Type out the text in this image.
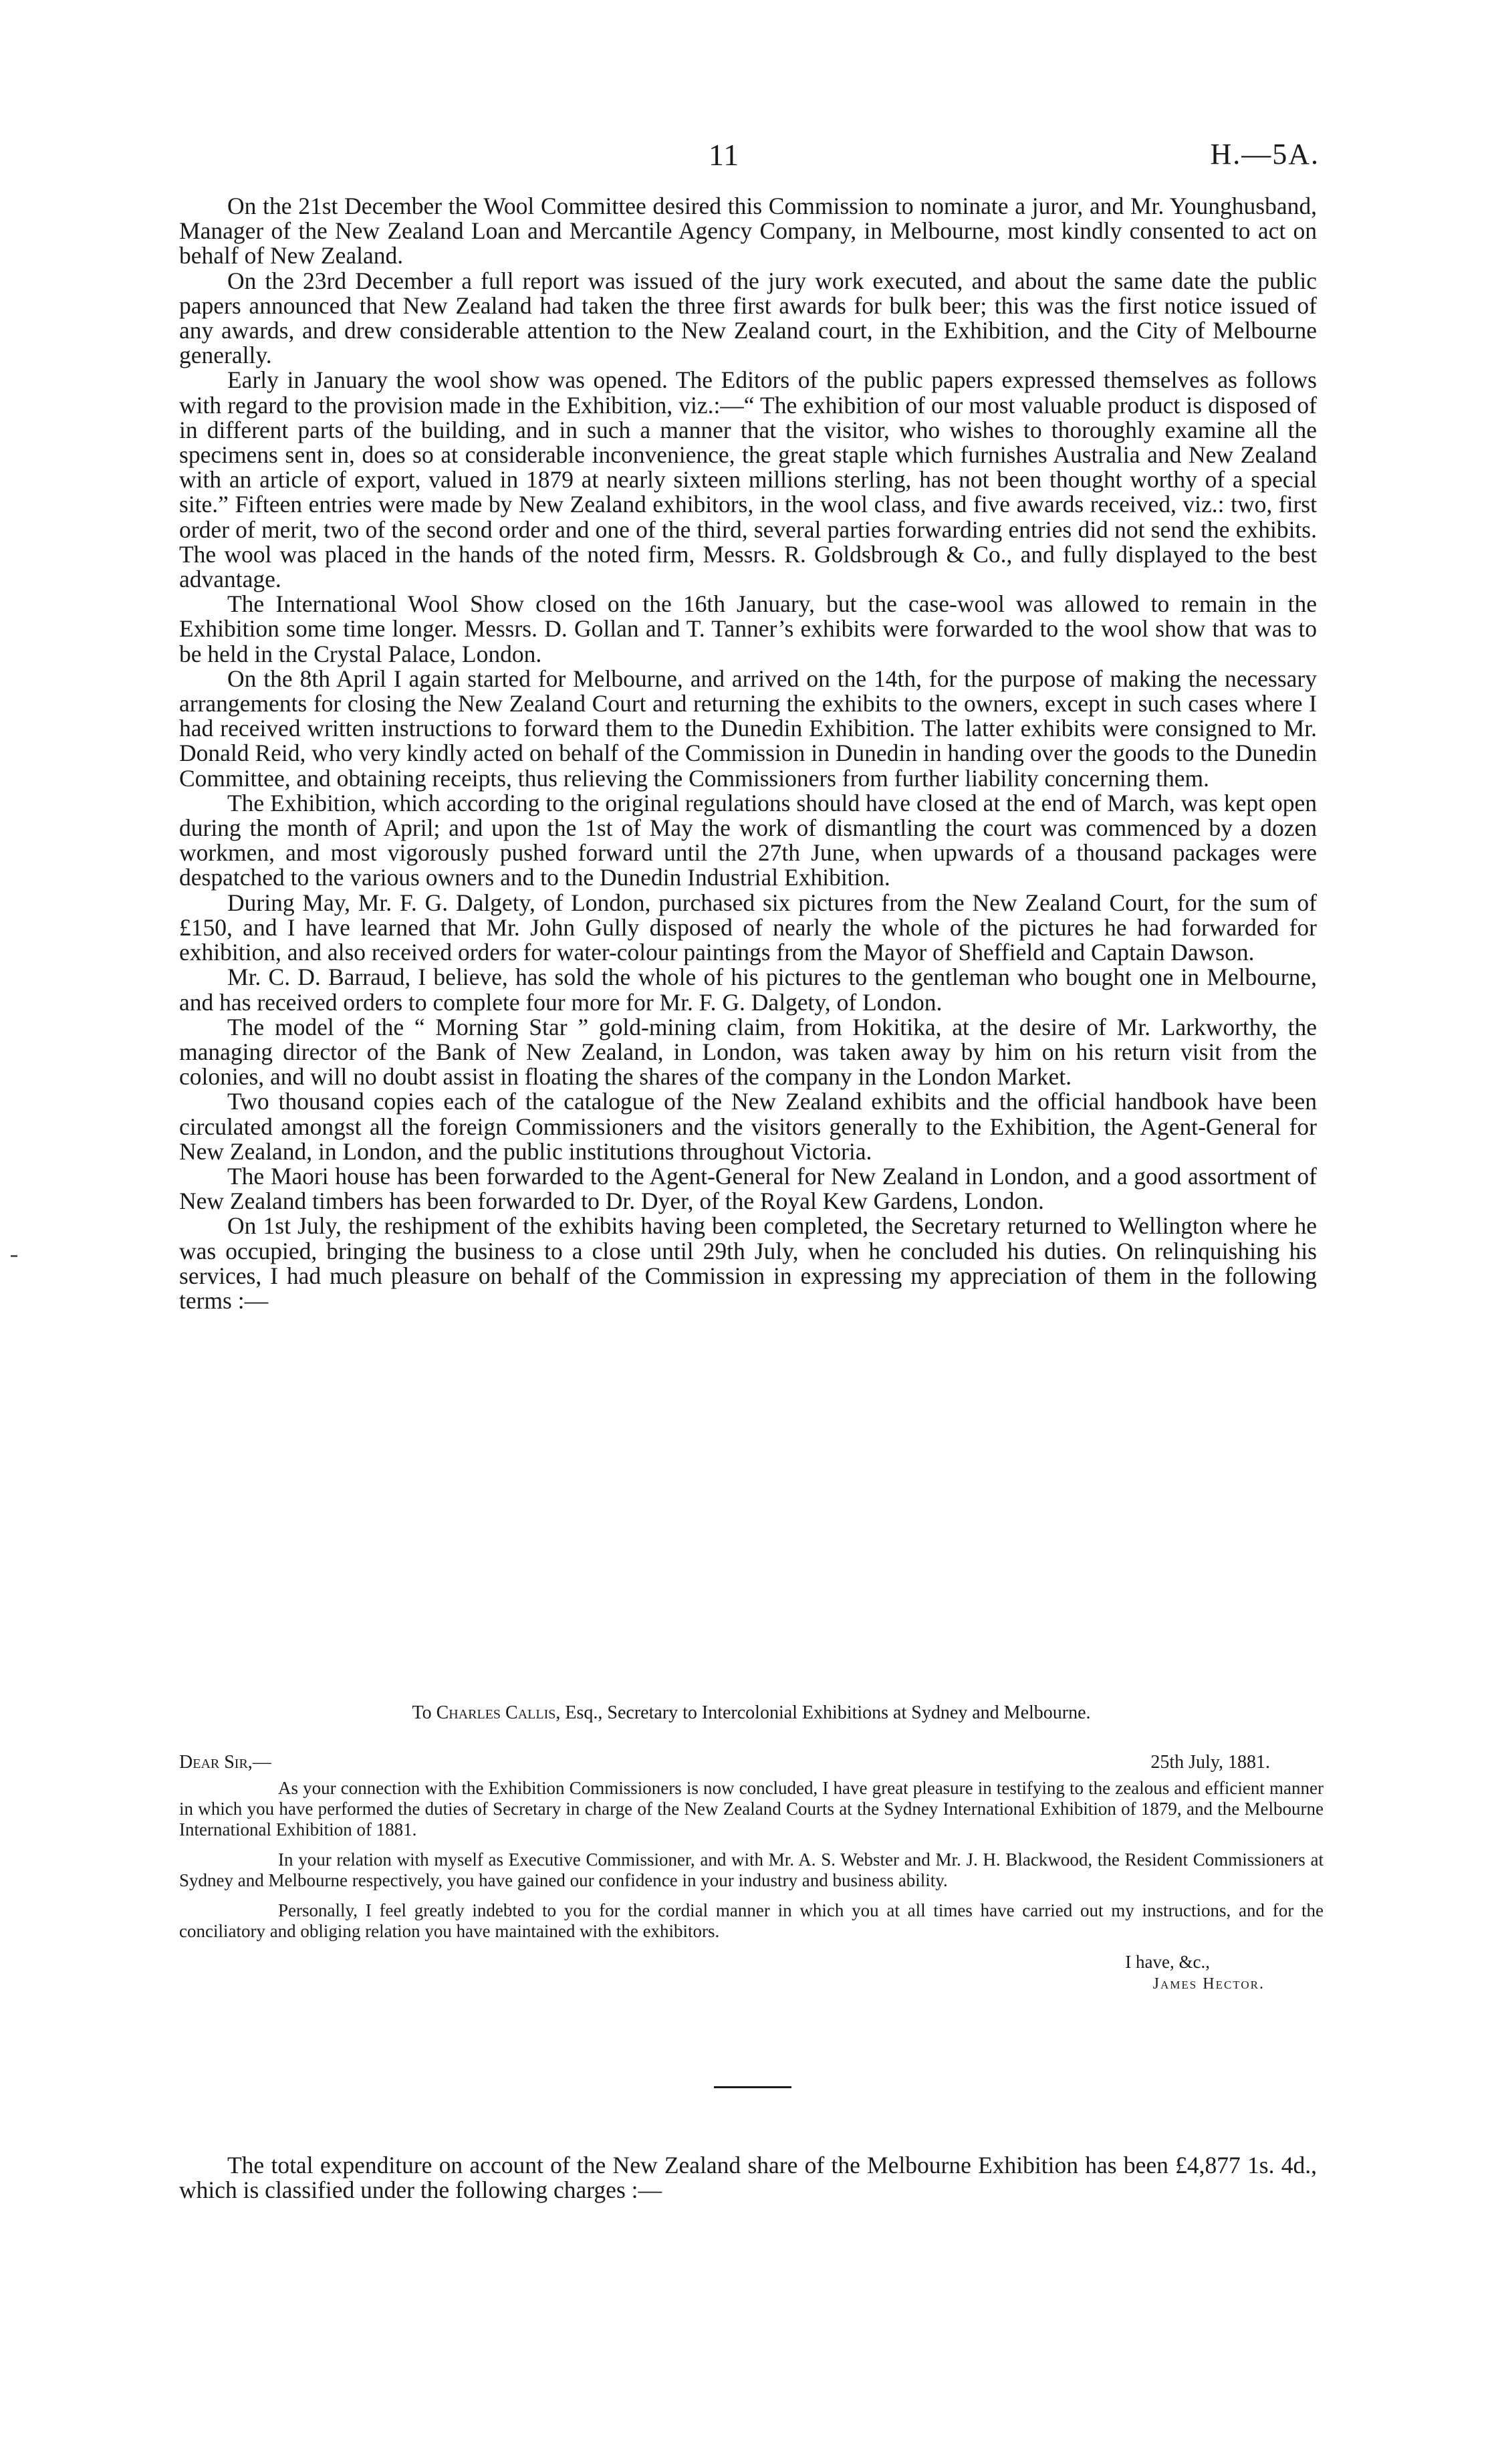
11	H.—5A.

On the 21st December the Wool Committee desired this Commission to nominate a juror, and Mr. Younghusband, Manager of the New Zealand Loan and Mercantile Agency Company, in Melbourne, most kindly consented to act on behalf of New Zealand.

On the 23rd December a full report was issued of the jury work executed, and about the same date the public papers announced that New Zealand had taken the three first awards for bulk beer; this was the first notice issued of any awards, and drew considerable attention to the New Zealand court, in the Exhibition, and the City of Melbourne generally.

Early in January the wool show was opened. The Editors of the public papers expressed themselves as follows with regard to the provision made in the Exhibition, viz.:—“ The exhibition of our most valuable product is disposed of in different parts of the building, and in such a manner that the visitor, who wishes to thoroughly examine all the specimens sent in, does so at considerable inconvenience, the great staple which furnishes Australia and New Zealand with an article of export, valued in 1879 at nearly sixteen millions sterling, has not been thought worthy of a special site.” Fifteen entries were made by New Zealand exhibitors, in the wool class, and five awards received, viz.: two, first order of merit, two of the second order and one of the third, several parties forwarding entries did not send the exhibits. The wool was placed in the hands of the noted firm, Messrs. R. Goldsbrough & Co., and fully displayed to the best advantage.

The International Wool Show closed on the 16th January, but the case-wool was allowed to remain in the Exhibition some time longer. Messrs. D. Gollan and T. Tanner’s exhibits were forwarded to the wool show that was to be held in the Crystal Palace, London.

On the 8th April I again started for Melbourne, and arrived on the 14th, for the purpose of making the necessary arrangements for closing the New Zealand Court and returning the exhibits to the owners, except in such cases where I had received written instructions to forward them to the Dunedin Exhibition. The latter exhibits were consigned to Mr. Donald Reid, who very kindly acted on behalf of the Commission in Dunedin in handing over the goods to the Dunedin Committee, and obtaining receipts, thus relieving the Commissioners from further liability concerning them.

The Exhibition, which according to the original regulations should have closed at the end of March, was kept open during the month of April; and upon the 1st of May the work of dismantling the court was commenced by a dozen workmen, and most vigorously pushed forward until the 27th June, when upwards of a thousand packages were despatched to the various owners and to the Dunedin Industrial Exhibition.

During May, Mr. F. G. Dalgety, of London, purchased six pictures from the New Zealand Court, for the sum of £150, and I have learned that Mr. John Gully disposed of nearly the whole of the pictures he had forwarded for exhibition, and also received orders for water-colour paintings from the Mayor of Sheffield and Captain Dawson.

Mr. C. D. Barraud, I believe, has sold the whole of his pictures to the gentleman who bought one in Melbourne, and has received orders to complete four more for Mr. F. G. Dalgety, of London.

The model of the “ Morning Star ” gold-mining claim, from Hokitika, at the desire of Mr. Larkworthy, the managing director of the Bank of New Zealand, in London, was taken away by him on his return visit from the colonies, and will no doubt assist in floating the shares of the company in the London Market.

Two thousand copies each of the catalogue of the New Zealand exhibits and the official handbook have been circulated amongst all the foreign Commissioners and the visitors generally to the Exhibition, the Agent-General for New Zealand, in London, and the public institutions throughout Victoria.

The Maori house has been forwarded to the Agent-General for New Zealand in London, and a good assortment of New Zealand timbers has been forwarded to Dr. Dyer, of the Royal Kew Gardens, London.

On 1st July, the reshipment of the exhibits having been completed, the Secretary returned to Wellington where he was occupied, bringing the business to a close until 29th July, when he concluded his duties. On relinquishing his services, I had much pleasure on behalf of the Commission in expressing my appreciation of them in the following terms :—

To Charles Callis, Esq., Secretary to Intercolonial Exhibitions at Sydney and Melbourne.

Dear Sir,—	25th July, 1881.

As your connection with the Exhibition Commissioners is now concluded, I have great pleasure in testifying to the zealous and efficient manner in which you have performed the duties of Secretary in charge of the New Zealand Courts at the Sydney International Exhibition of 1879, and the Melbourne International Exhibition of 1881.

In your relation with myself as Executive Commissioner, and with Mr. A. S. Webster and Mr. J. H. Blackwood, the Resident Commissioners at Sydney and Melbourne respectively, you have gained our confidence in your industry and business ability.

Personally, I feel greatly indebted to you for the cordial manner in which you at all times have carried out my instructions, and for the conciliatory and obliging relation you have maintained with the exhibitors.

I have, &c.,
James Hector.

The total expenditure on account of the New Zealand share of the Melbourne Exhibition has been £4,877 1s. 4d., which is classified under the following charges :—
